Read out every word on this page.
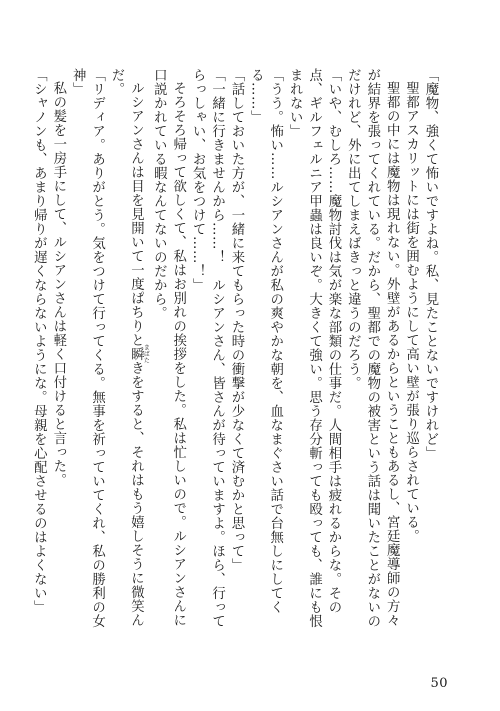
「魔物、強くて怖いですよね。私、見たことないですけれど」

聖都アスカリットには街を囲むようにして高い壁が張り巡らされている。

聖都の中には魔物は現れない。外壁があるからということもあるし、宮廷魔導師の方々が結界を張ってくれている。だから、聖都での魔物の被害という話は聞いたことがないのだけれど、外に出てしまえばきっと違うのだろう。

「いや、むしろ……魔物討伐は気が楽な部類の仕事だ。人間相手は疲れるからな。その点、ギルフェルニア甲蟲は良いぞ。大きくて強い。思う存分斬っても殴っても、誰にも恨まれない」

「うう。怖い……ルシアンさんが私の爽やかな朝を、血なまぐさい話で台無しにしてくる……」

「話しておいた方が、一緒に来てもらった時の衝撃が少なくて済むかと思って」

「一緒に行きませんから……！　ルシアンさん、皆さんが待っていますよ。ほら、行ってらっしゃい、お気をつけて……！」

そろそろ帰って欲しくて、私はお別れの挨拶をした。私は忙しいので。ルシアンさんに口説かれている暇なんてないのだから。

ルシアンさんは目を見開いて一度ぱちりと瞬 まばたきをすると、それはもう嬉しそうに微笑んだ。

「リディア。ありがとう。気をつけて行ってくる。無事を祈っていてくれ、私の勝利の女神」

私の髪を一房手にして、ルシアンさんは軽く口付けると言った。

「シャノンも、あまり帰りが遅くならないようにな。母親を心配させるのはよくない」

50
